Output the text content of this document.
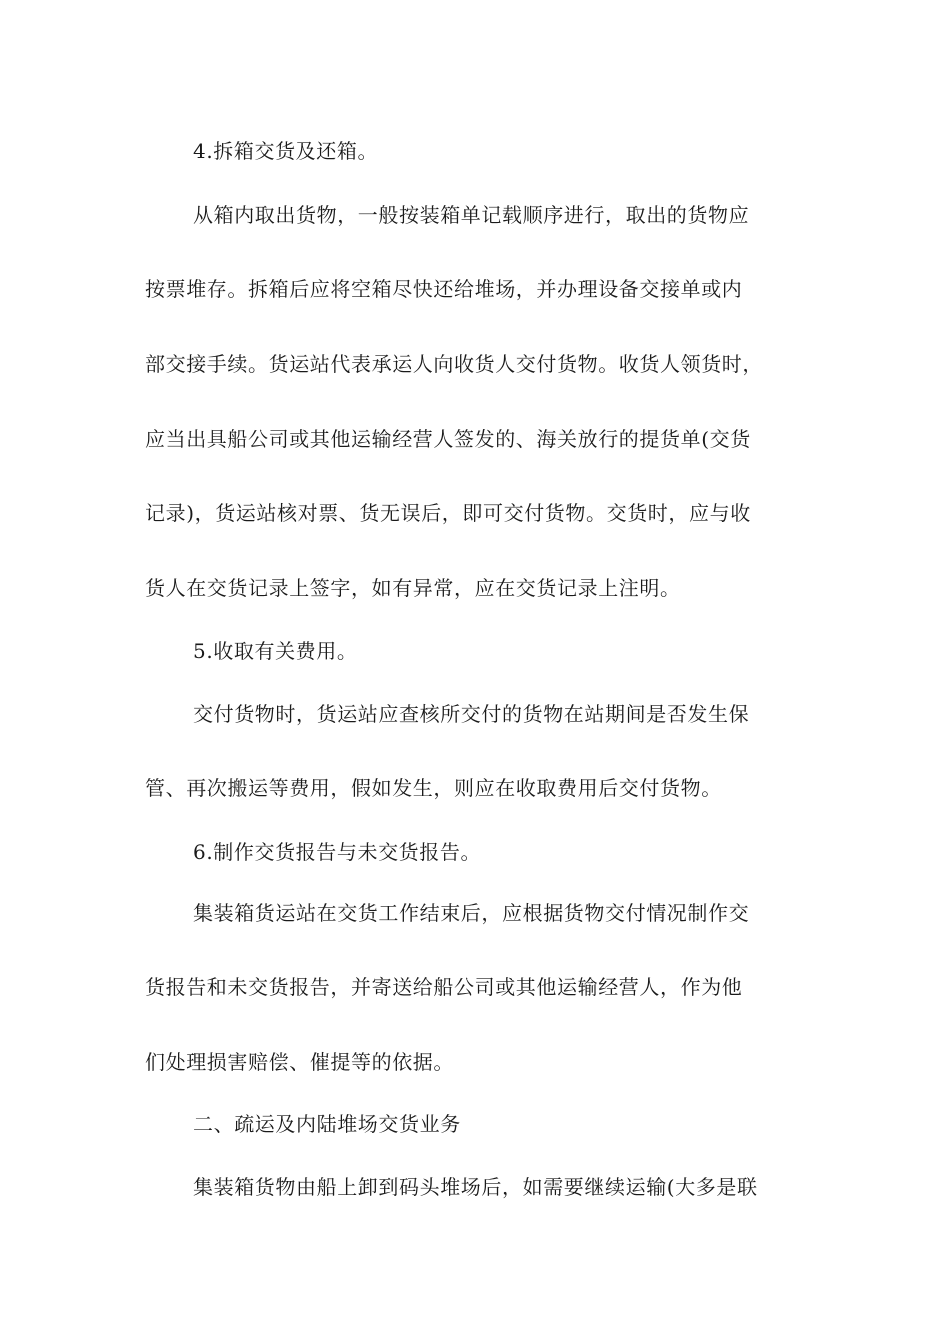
4.拆箱交货及还箱。
从箱内取出货物，一般按装箱单记载顺序进行，取出的货物应
按票堆存。拆箱后应将空箱尽快还给堆场，并办理设备交接单或内
部交接手续。货运站代表承运人向收货人交付货物。收货人领货时，
应当出具船公司或其他运输经营人签发的、海关放行的提货单(交货
记录)，货运站核对票、货无误后，即可交付货物。交货时，应与收
货人在交货记录上签字，如有异常，应在交货记录上注明。
5.收取有关费用。
交付货物时，货运站应查核所交付的货物在站期间是否发生保
管、再次搬运等费用，假如发生，则应在收取费用后交付货物。
6.制作交货报告与未交货报告。
集装箱货运站在交货工作结束后，应根据货物交付情况制作交
货报告和未交货报告，并寄送给船公司或其他运输经营人，作为他
们处理损害赔偿、催提等的依据。
二、疏运及内陆堆场交货业务
集装箱货物由船上卸到码头堆场后，如需要继续运输(大多是联
